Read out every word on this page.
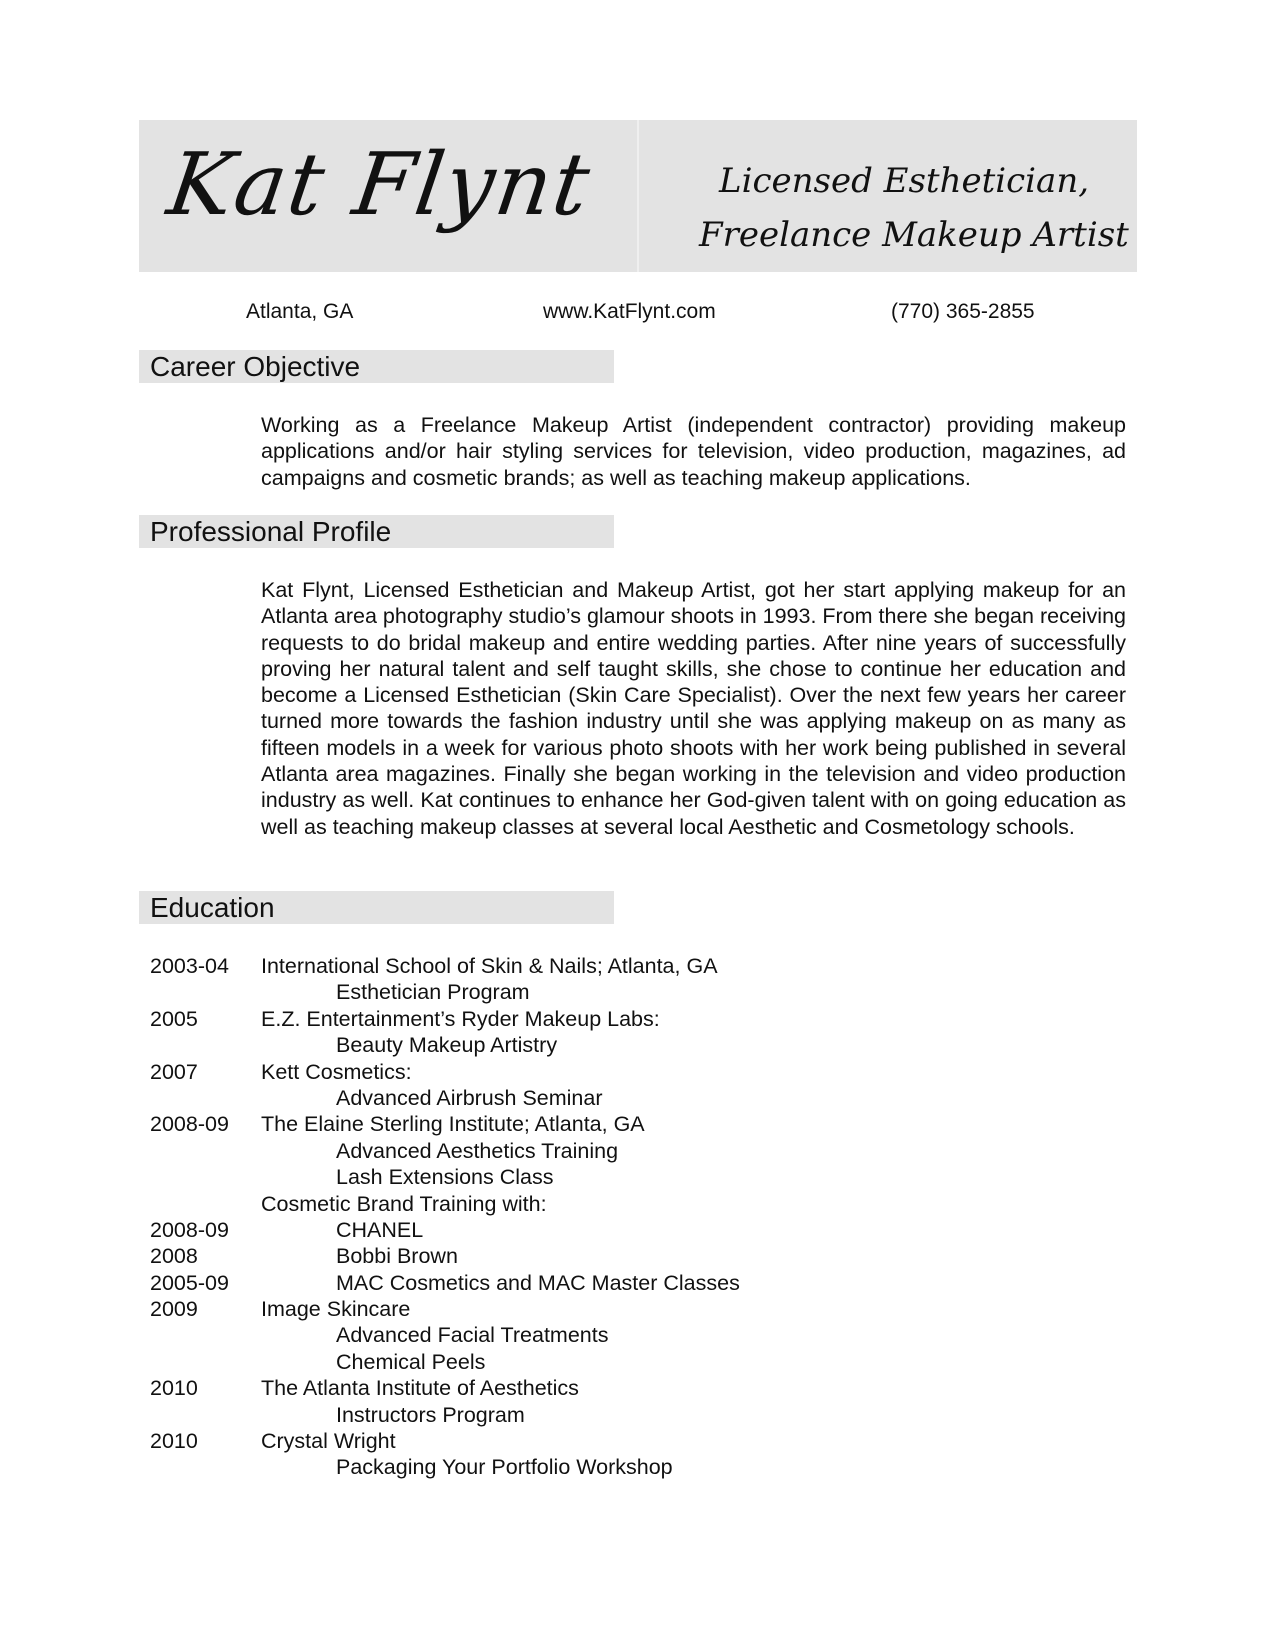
Kat Flynt	Licensed Esthetician,
Freelance Makeup Artist
Atlanta, GA	www.KatFlynt.com	(770) 365-2855
Career Objective

Working as a Freelance Makeup Artist (independent contractor) providing makeup applications and/or hair styling services for television, video production, magazines, ad campaigns and cosmetic brands; as well as teaching makeup applications.

Professional Profile

Kat Flynt, Licensed Esthetician and Makeup Artist, got her start applying makeup for an Atlanta area photography studio’s glamour shoots in 1993. From there she began receiving requests to do bridal makeup and entire wedding parties. After nine years of successfully proving her natural talent and self taught skills, she chose to continue her education and become a Licensed Esthetician (Skin Care Specialist). Over the next few years her career turned more towards the fashion industry until she was applying makeup on as many as fifteen models in a week for various photo shoots with her work being published in several Atlanta area magazines. Finally she began working in the television and video production industry as well. Kat continues to enhance her God-given talent with on going education as well as teaching makeup classes at several local Aesthetic and Cosmetology schools.

Education
2003-04	International School of Skin & Nails; Atlanta, GA
Esthetician Program
2005	E.Z. Entertainment’s Ryder Makeup Labs:
Beauty Makeup Artistry
2007	Kett Cosmetics:
Advanced Airbrush Seminar
2008-09	The Elaine Sterling Institute; Atlanta, GA
Advanced Aesthetics Training
Lash Extensions Class
Cosmetic Brand Training with:
2008-09	CHANEL
2008	Bobbi Brown
2005-09	MAC Cosmetics and MAC Master Classes
2009	Image Skincare
Advanced Facial Treatments
Chemical Peels
2010	The Atlanta Institute of Aesthetics
Instructors Program
2010	Crystal Wright
Packaging Your Portfolio Workshop
